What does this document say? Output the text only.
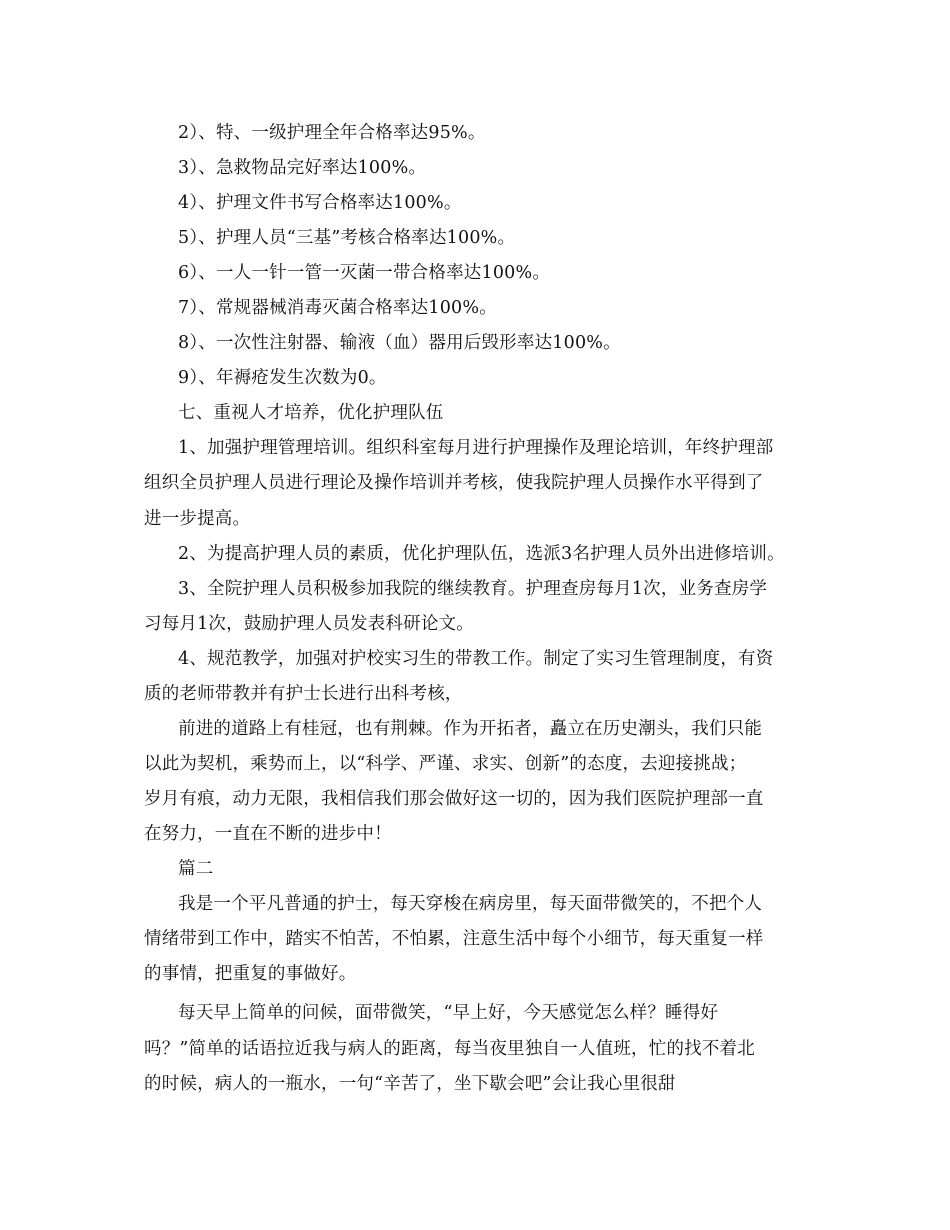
2）、特、一级护理全年合格率达95%。
3）、急救物品完好率达100%。
4）、护理文件书写合格率达100%。
5）、护理人员“三基”考核合格率达100%。
6）、一人一针一管一灭菌一带合格率达100%。
7）、常规器械消毒灭菌合格率达100%。
8）、一次性注射器、输液（血）器用后毁形率达100%。
9）、年褥疮发生次数为0。
七、重视人才培养，优化护理队伍
1、加强护理管理培训。组织科室每月进行护理操作及理论培训，年终护理部
组织全员护理人员进行理论及操作培训并考核，使我院护理人员操作水平得到了
进一步提高。
2、为提高护理人员的素质，优化护理队伍，选派3名护理人员外出进修培训。
3、全院护理人员积极参加我院的继续教育。护理查房每月1次，业务查房学
习每月1次，鼓励护理人员发表科研论文。
4、规范教学，加强对护校实习生的带教工作。制定了实习生管理制度，有资
质的老师带教并有护士长进行出科考核，
前进的道路上有桂冠，也有荆棘。作为开拓者，矗立在历史潮头，我们只能
以此为契机，乘势而上，以“科学、严谨、求实、创新”的态度，去迎接挑战；
岁月有痕，动力无限，我相信我们那会做好这一切的，因为我们医院护理部一直
在努力，一直在不断的进步中！
篇二
我是一个平凡普通的护士，每天穿梭在病房里，每天面带微笑的，不把个人
情绪带到工作中，踏实不怕苦，不怕累，注意生活中每个小细节，每天重复一样
的事情，把重复的事做好。
每天早上简单的问候，面带微笑，“早上好，今天感觉怎么样？睡得好
吗？”简单的话语拉近我与病人的距离，每当夜里独自一人值班，忙的找不着北
的时候，病人的一瓶水，一句“辛苦了，坐下歇会吧”会让我心里很甜
